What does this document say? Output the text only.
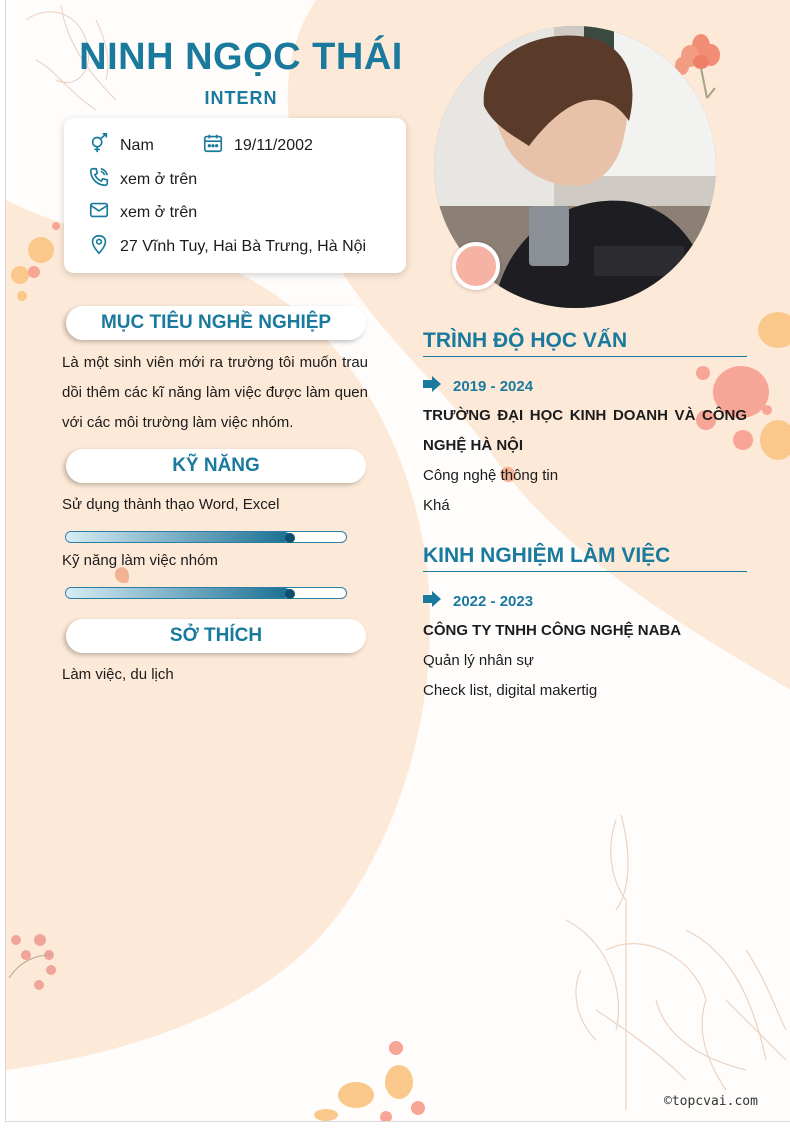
NINH NGỌC THÁI
INTERN
Nam	19/11/2002
xem ở trên
xem ở trên
27 Vĩnh Tuy, Hai Bà Trưng, Hà Nội
MỤC TIÊU NGHỀ NGHIỆP
Là một sinh viên mới ra trường tôi muốn trau dồi thêm các kĩ năng làm việc được làm quen với các môi trường làm việc nhóm.
KỸ NĂNG
Sử dụng thành thạo Word, Excel
Kỹ năng làm việc nhóm
SỞ THÍCH
Làm việc, du lịch
TRÌNH ĐỘ HỌC VẤN
2019 - 2024
TRƯỜNG ĐẠI HỌC KINH DOANH VÀ CÔNG NGHỆ HÀ NỘI
Công nghệ thông tin
Khá
KINH NGHIỆM LÀM VIỆC
2022 - 2023
CÔNG TY TNHH CÔNG NGHỆ NABA
Quản lý nhân sự
Check list, digital makertig
©topcvai.com
